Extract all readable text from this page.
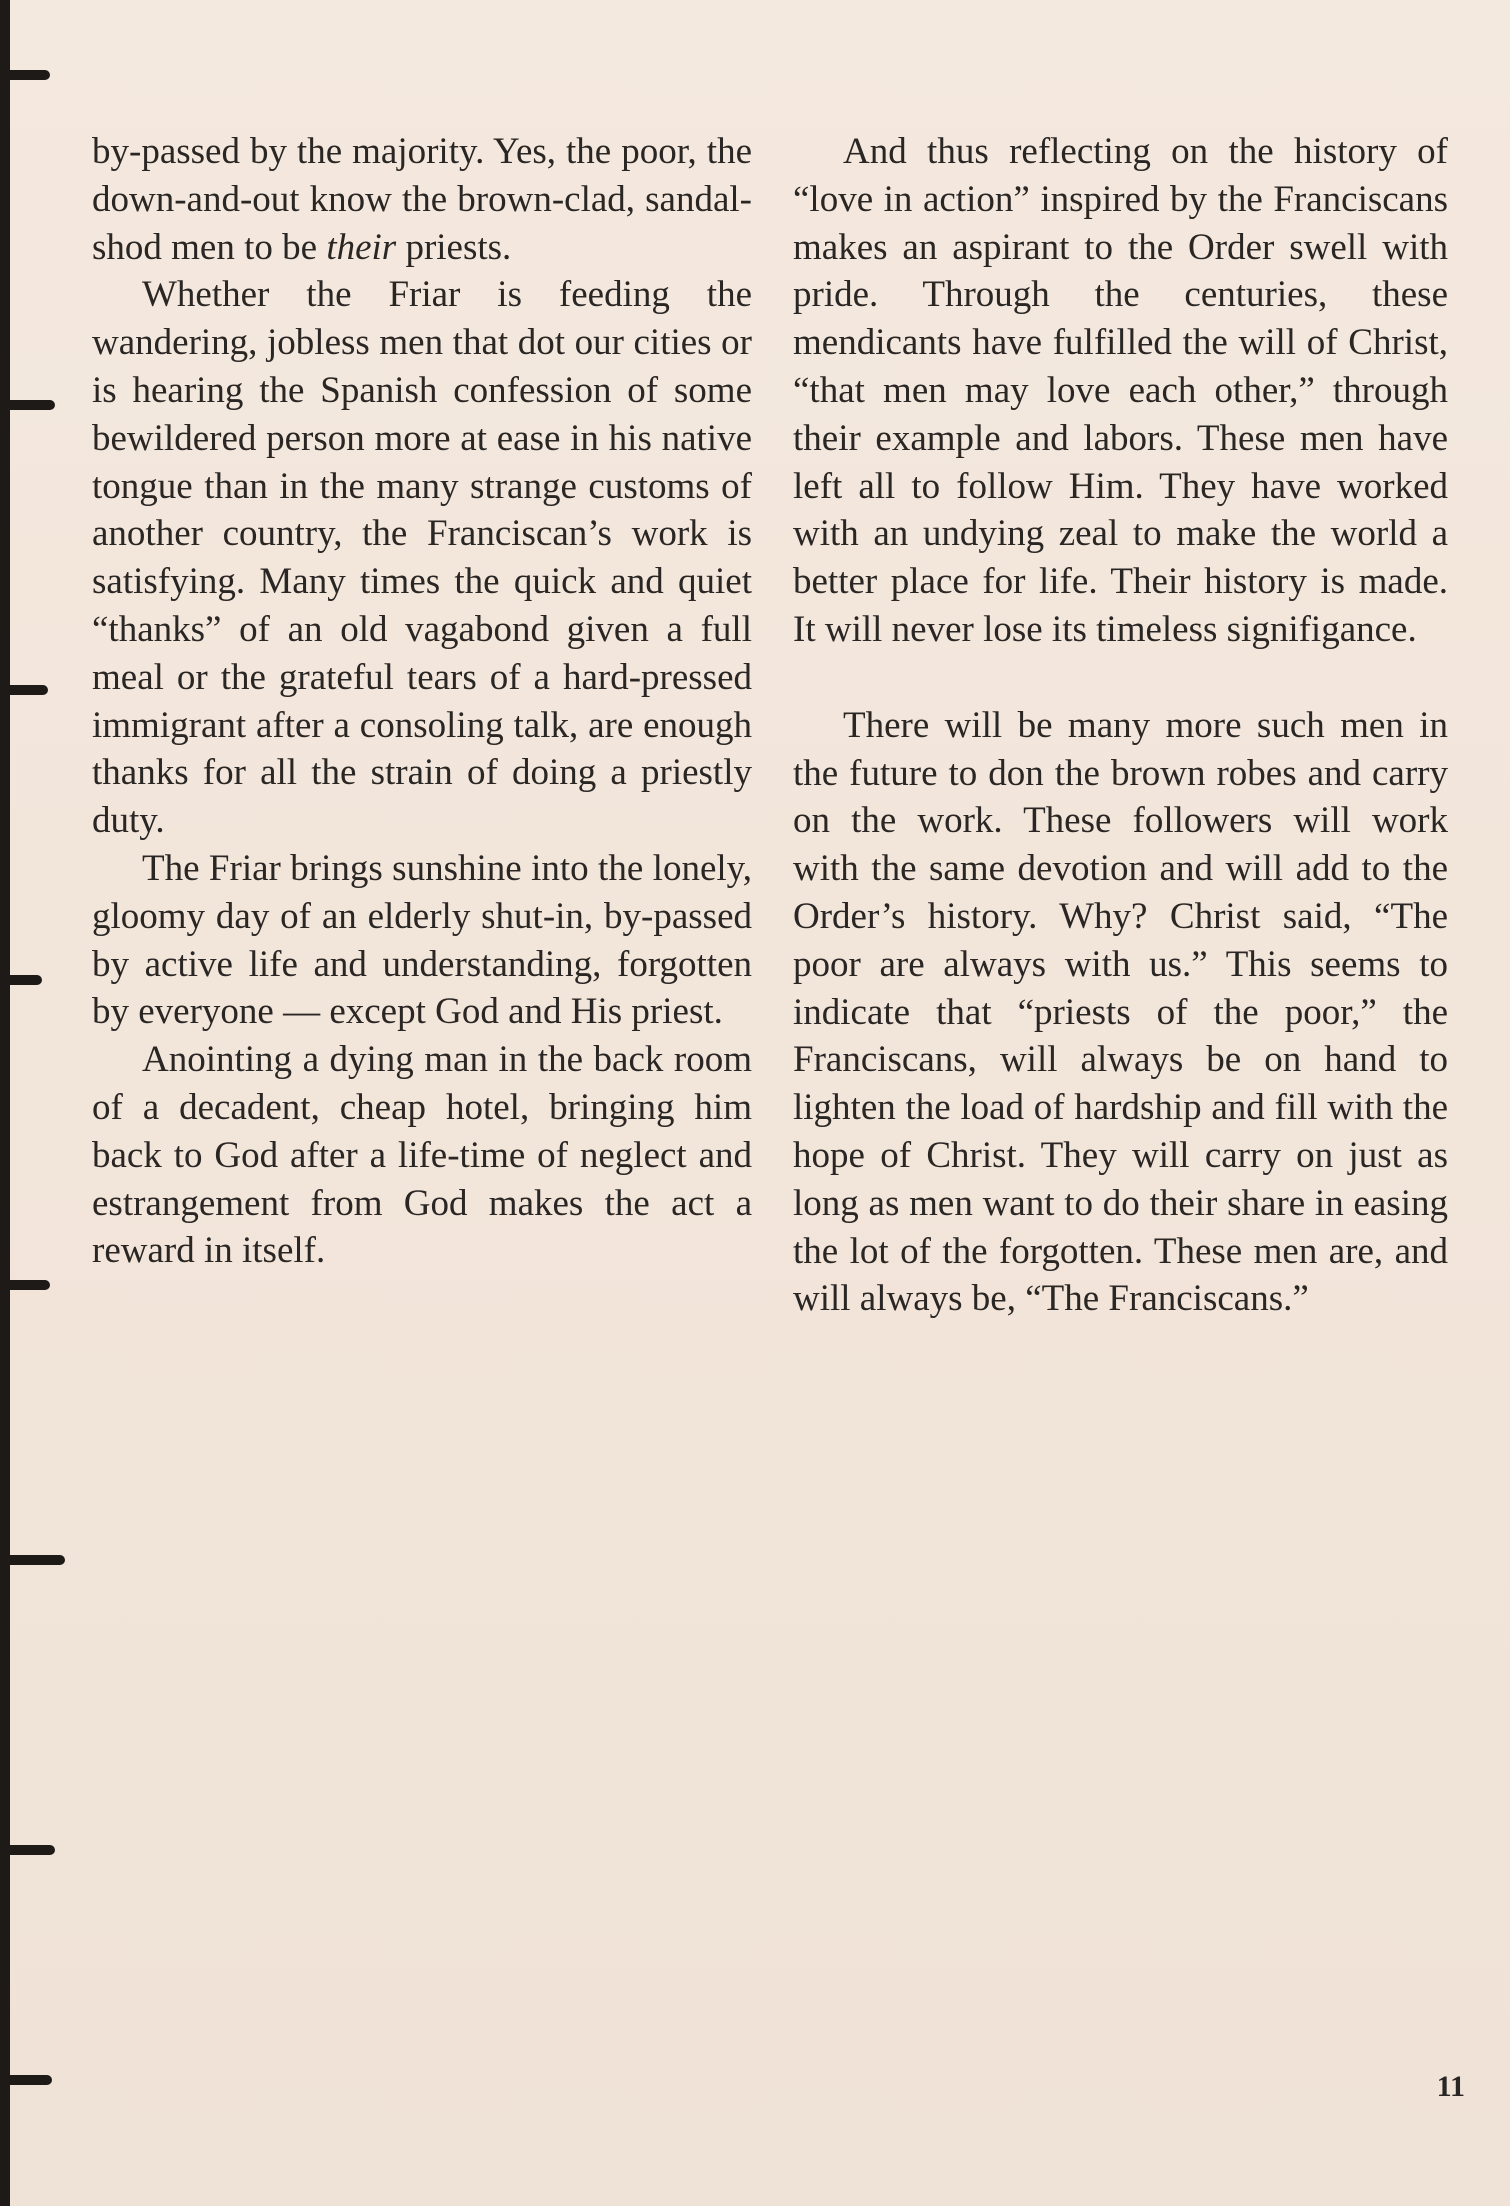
by-passed by the majority. Yes, the poor, the down-and-out know the brown-clad, sandal-shod men to be their priests.

Whether the Friar is feeding the wandering, jobless men that dot our cities or is hearing the Spanish confession of some bewildered person more at ease in his native tongue than in the many strange customs of another country, the Franciscan’s work is satisfying. Many times the quick and quiet “thanks” of an old vagabond given a full meal or the grateful tears of a hard-pressed immigrant after a consoling talk, are enough thanks for all the strain of doing a priestly duty.

The Friar brings sunshine into the lonely, gloomy day of an elderly shut-in, by-passed by active life and understanding, forgotten by everyone — except God and His priest.

Anointing a dying man in the back room of a decadent, cheap hotel, bringing him back to God after a life-time of neglect and estrangement from God makes the act a reward in itself.

And thus reflecting on the history of “love in action” inspired by the Franciscans makes an aspirant to the Order swell with pride. Through the centuries, these mendicants have fulfilled the will of Christ, “that men may love each other,” through their example and labors. These men have left all to follow Him. They have worked with an undying zeal to make the world a better place for life. Their history is made. It will never lose its timeless signifigance.

There will be many more such men in the future to don the brown robes and carry on the work. These followers will work with the same devotion and will add to the Order’s history. Why? Christ said, “The poor are always with us.” This seems to indicate that “priests of the poor,” the Franciscans, will always be on hand to lighten the load of hardship and fill with the hope of Christ. They will carry on just as long as men want to do their share in easing the lot of the forgotten. These men are, and will always be, “The Franciscans.”

11
